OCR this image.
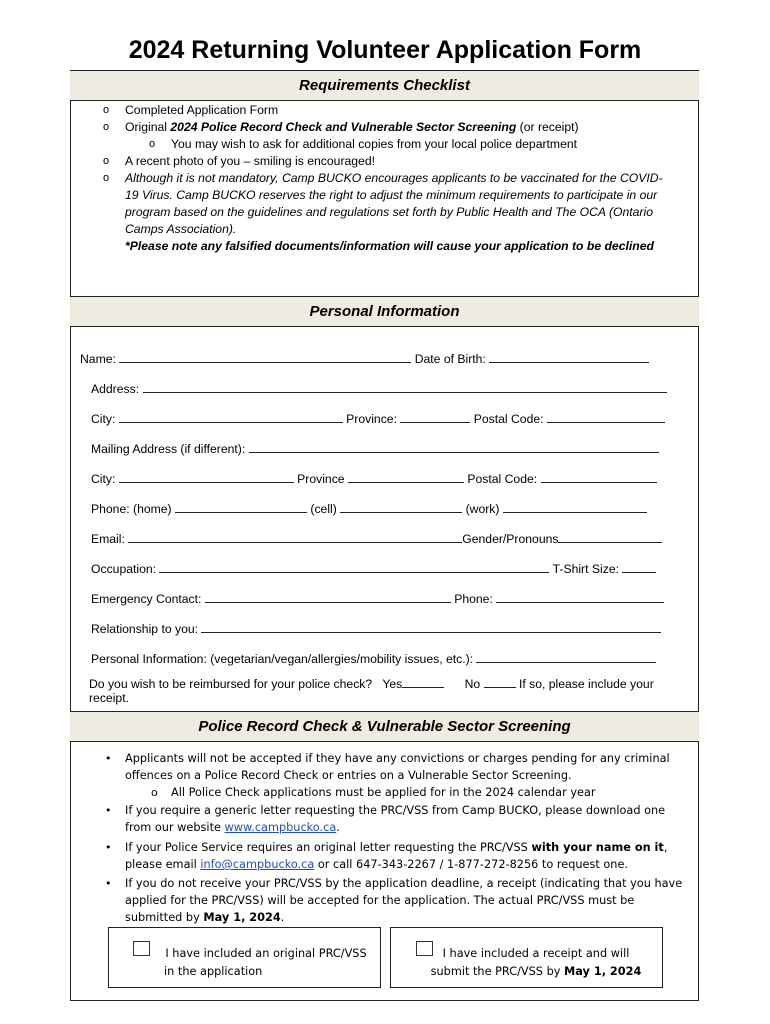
2024 Returning Volunteer Application Form
Requirements Checklist
o Completed Application Form
o Original 2024 Police Record Check and Vulnerable Sector Screening (or receipt)
o You may wish to ask for additional copies from your local police department
o A recent photo of you – smiling is encouraged!
o Although it is not mandatory, Camp BUCKO encourages applicants to be vaccinated for the COVID-
19 Virus. Camp BUCKO reserves the right to adjust the minimum requirements to participate in our
program based on the guidelines and regulations set forth by Public Health and The OCA (Ontario
Camps Association).
*Please note any falsified documents/information will cause your application to be declined
Personal Information
Name:	Date of Birth:
Address:
City:	Province:	Postal Code:
Mailing Address (if different):
City:	Province	Postal Code:
Phone: (home)	(cell)	(work)
Email:	Gender/Pronouns
Occupation:	T-Shirt Size:
Emergency Contact:	Phone:
Relationship to you:
Personal Information: (vegetarian/vegan/allergies/mobility issues, etc.):
Do you wish to be reimbursed for your police check? Yes	No	If so, please include your
receipt.
Police Record Check & Vulnerable Sector Screening
• Applicants will not be accepted if they have any convictions or charges pending for any criminal
offences on a Police Record Check or entries on a Vulnerable Sector Screening.
o All Police Check applications must be applied for in the 2024 calendar year
• If you require a generic letter requesting the PRC/VSS from Camp BUCKO, please download one
from our website www.campbucko.ca.
• If your Police Service requires an original letter requesting the PRC/VSS with your name on it,
please email info@campbucko.ca or call 647-343-2267 / 1-877-272-8256 to request one.
• If you do not receive your PRC/VSS by the application deadline, a receipt (indicating that you have
applied for the PRC/VSS) will be accepted for the application. The actual PRC/VSS must be
submitted by May 1, 2024.
I have included an original PRC/VSS
in the application
I have included a receipt and will
submit the PRC/VSS by May 1, 2024
